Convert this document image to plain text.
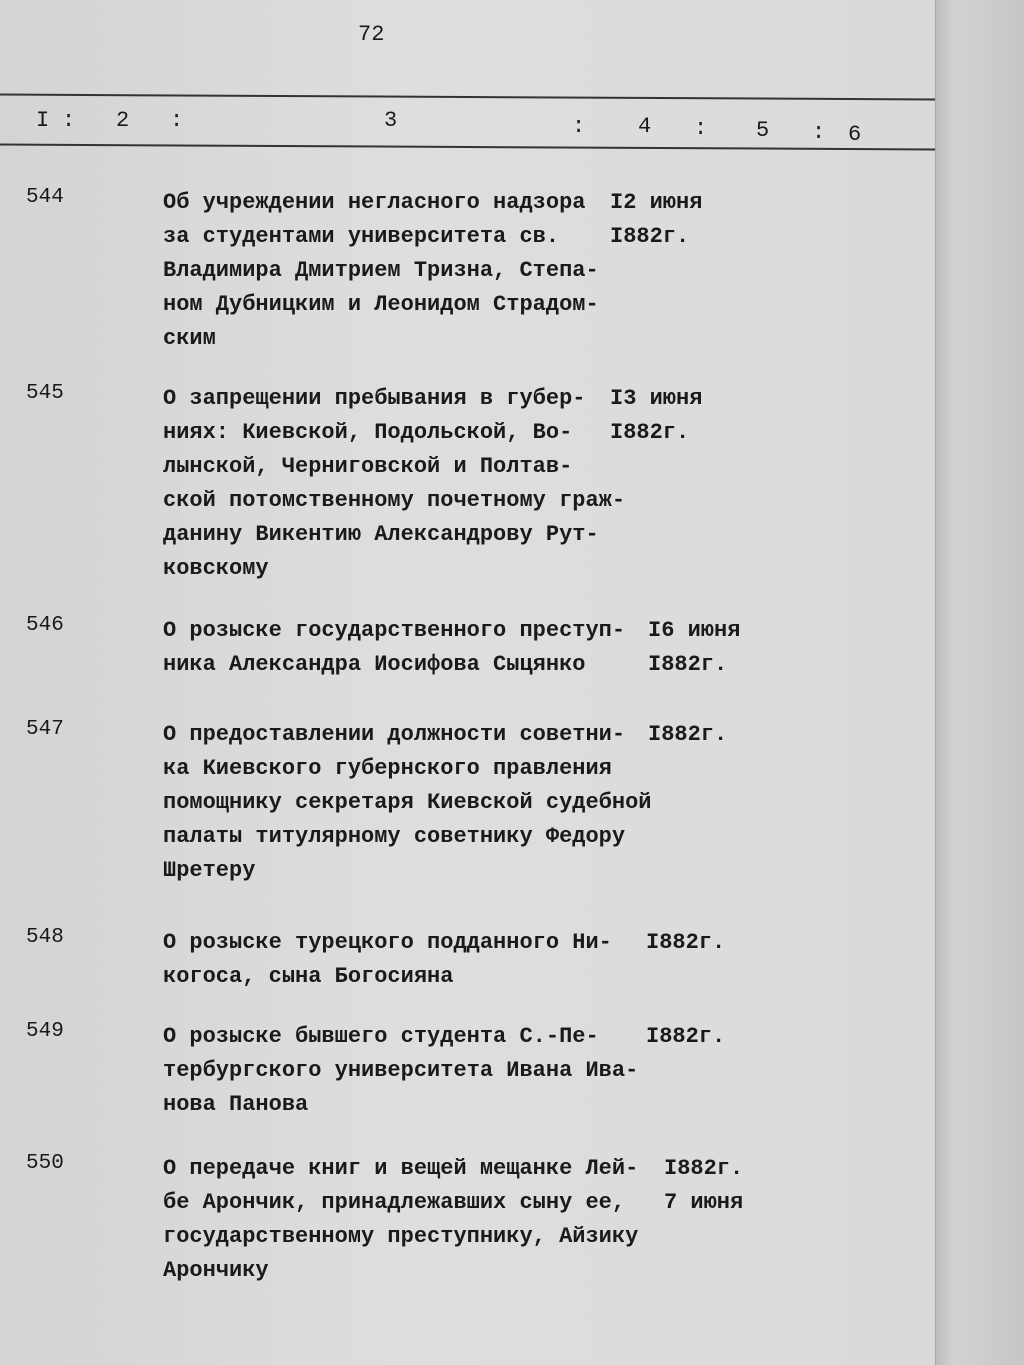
72
I : 2 :	3	: 4 : 5 : 6
544	Об учреждении негласного надзора
за студентами университета св.
Владимира Дмитрием Тризна, Степа-
ном Дубницким и Леонидом Страдом-
ским
I2 июня
I882г.
545	О запрещении пребывания в губер-
ниях: Киевской, Подольской, Во-
лынской, Черниговской и Полтав-
ской потомственному почетному граж-
данину Викентию Александрову Рут-
ковскому
I3 июня
I882г.
546	О розыске государственного преступ-
ника Александра Иосифова Сыцянко
I6 июня
I882г.
547	О предоставлении должности советни-
ка Киевского губернского правления
помощнику секретаря Киевской судебной
палаты титулярному советнику Федору
Шретеру
I882г.
548	О розыске турецкого подданного Ни-
когоса, сына Богосияна
I882г.
549	О розыске бывшего студента С.-Пе-
тербургского университета Ивана Ива-
нова Панова
I882г.
550	О передаче книг и вещей мещанке Лей-
бе Арончик, принадлежавших сыну ее,
государственному преступнику, Айзику
Арончику
I882г.
7 июня
